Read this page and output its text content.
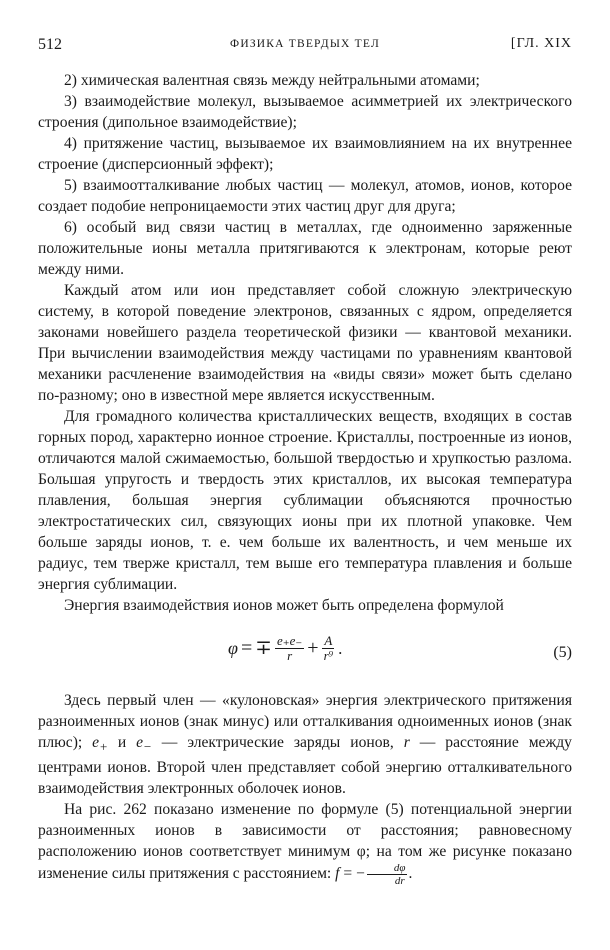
512	ФИЗИКА ТВЕРДЫХ ТЕЛ	[ГЛ. XIX

2) химическая валентная связь между нейтральными атомами;

3) взаимодействие молекул, вызываемое асимметрией их электрического строения (дипольное взаимодействие);

4) притяжение частиц, вызываемое их взаимовлиянием на их внутреннее строение (дисперсионный эффект);

5) взаимоотталкивание любых частиц — молекул, атомов, ионов, которое создает подобие непроницаемости этих частиц друг для друга;

6) особый вид связи частиц в металлах, где одноименно заряженные положительные ионы металла притягиваются к электронам, которые реют между ними.

Каждый атом или ион представляет собой сложную электрическую систему, в которой поведение электронов, связанных с ядром, определяется законами новейшего раздела теоретической физики — квантовой механики. При вычислении взаимодействия между частицами по уравнениям квантовой механики расчленение взаимодействия на «виды связи» может быть сделано по-разному; оно в известной мере является искусственным.

Для громадного количества кристаллических веществ, входящих в состав горных пород, характерно ионное строение. Кристаллы, построенные из ионов, отличаются малой сжимаемостью, большой твердостью и хрупкостью разлома. Большая упругость и твердость этих кристаллов, их высокая температура плавления, большая энергия сублимации объясняются прочностью электростатических сил, связующих ионы при их плотной упаковке. Чем больше заряды ионов, т. е. чем больше их валентность, и чем меньше их радиус, тем тверже кристалл, тем выше его температура плавления и больше энергия сублимации.

Энергия взаимодействия ионов может быть определена формулой

φ = ∓ $\frac{e_+e_-}{r} + \frac{A}{\text{r⁹}}$ .	(5)

Здесь первый член — «кулоновская» энергия электрического притяжения разноименных ионов (знак минус) или отталкивания одноименных ионов (знак плюс); $e_+$ и $e_-$ — электрические заряды ионов, r — расстояние между центрами ионов. Второй член представляет собой энергию отталкивательного взаимодействия электронных оболочек ионов.

На рис. 262 показано изменение по формуле (5) потенциальной энергии разноименных ионов в зависимости от расстояния; равновесному расположению ионов соответствует минимум φ; на том же рисунке показано изменение силы притяжения с расстоянием: f = − $\frac{d\varphi}{dr}$ .
